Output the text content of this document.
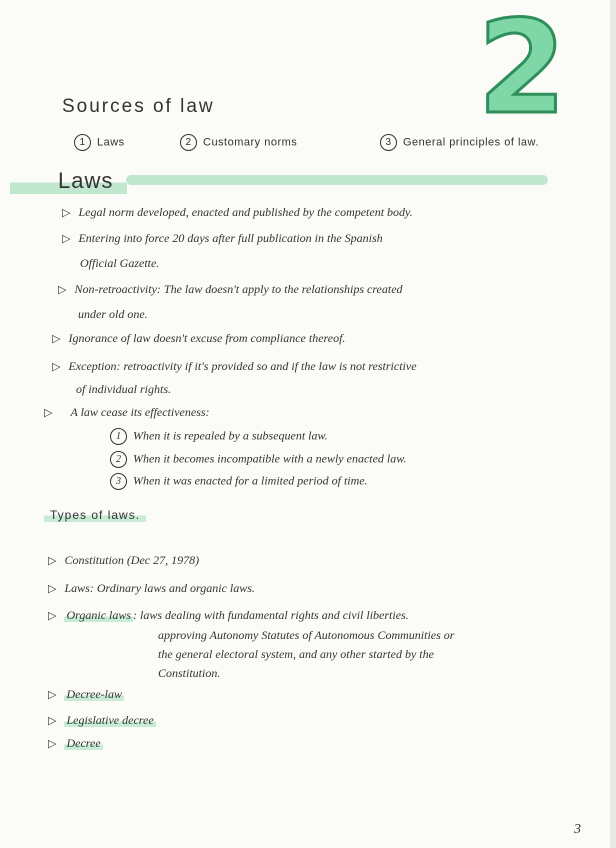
2
Sources of law
1 Laws	2 Customary norms	3 General principles of law.
Laws
▷ Legal norm developed, enacted and published by the competent body.
▷ Entering into force 20 days after full publication in the Spanish
Official Gazette.
▷ Non-retroactivity: The law doesn't apply to the relationships created
under old one.
▷ Ignorance of law doesn't excuse from compliance thereof.
▷ Exception: retroactivity if it's provided so and if the law is not restrictive
of individual rights.
▷ A law cease its effectiveness:
1 When it is repealed by a subsequent law.
2 When it becomes incompatible with a newly enacted law.
3 When it was enacted for a limited period of time.
Types of laws.
▷ Constitution (Dec 27, 1978)
▷ Laws: Ordinary laws and organic laws.
▷ Organic laws : laws dealing with fundamental rights and civil liberties.
approving Autonomy Statutes of Autonomous Communities or
the general electoral system, and any other started by the
Constitution.
▷ Decree-law
▷ Legislative decree
▷ Decree
3
